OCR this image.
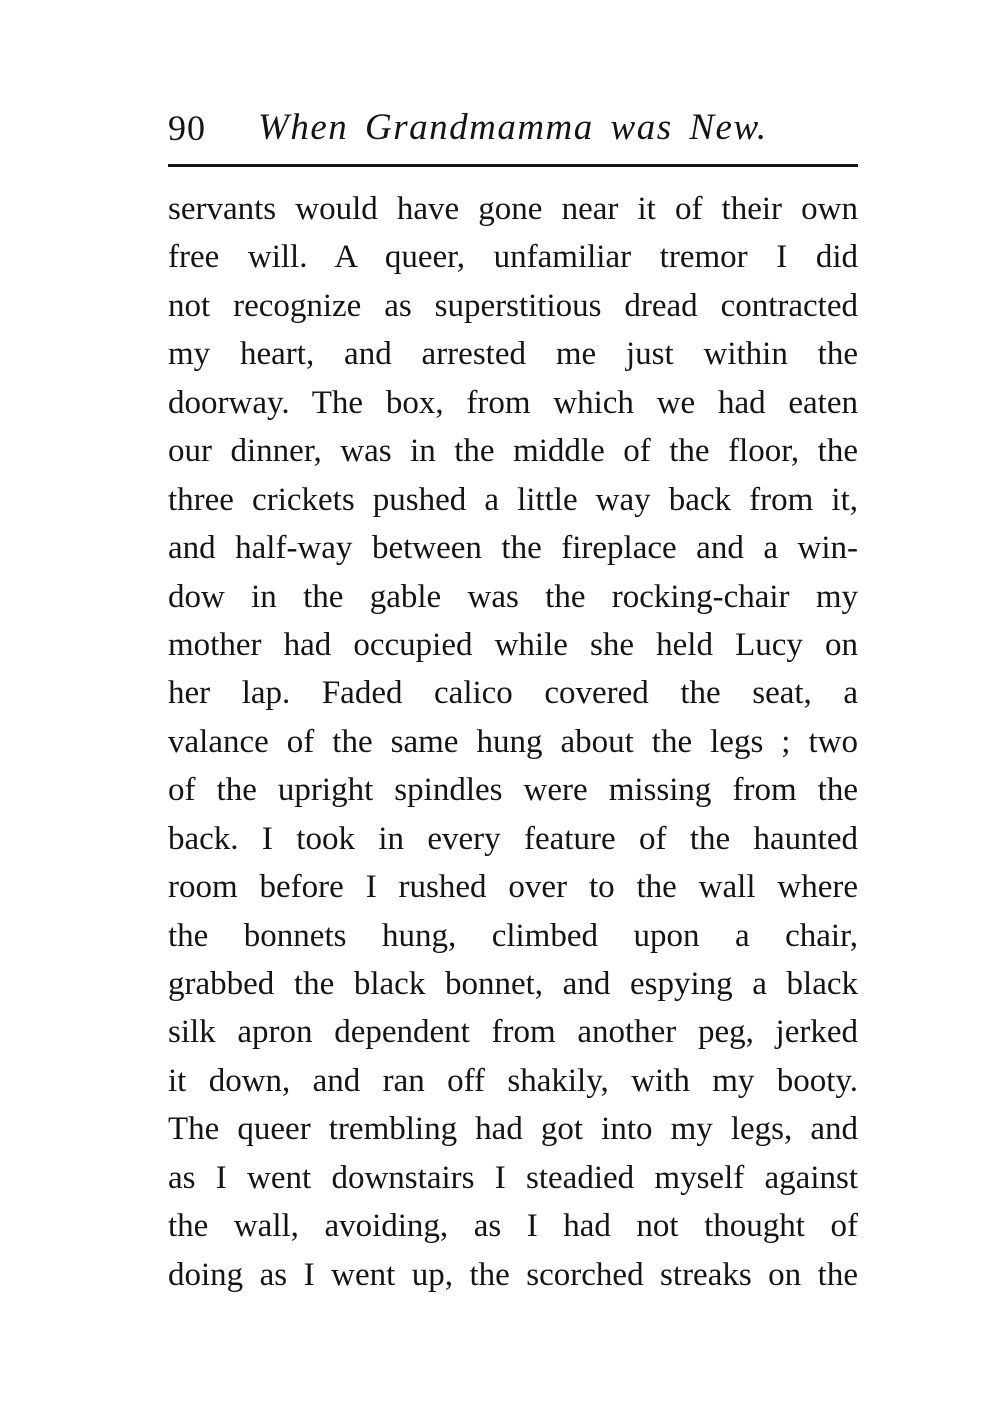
90 When Grandmamma was New.
servants would have gone near it of their own
free will. A queer, unfamiliar tremor I did
not recognize as superstitious dread contracted
my heart, and arrested me just within the
doorway. The box, from which we had eaten
our dinner, was in the middle of the floor, the
three crickets pushed a little way back from it,
and half-way between the fireplace and a win-
dow in the gable was the rocking-chair my
mother had occupied while she held Lucy on
her lap. Faded calico covered the seat, a
valance of the same hung about the legs ; two
of the upright spindles were missing from the
back. I took in every feature of the haunted
room before I rushed over to the wall where
the bonnets hung, climbed upon a chair,
grabbed the black bonnet, and espying a black
silk apron dependent from another peg, jerked
it down, and ran off shakily, with my booty.
The queer trembling had got into my legs, and
as I went downstairs I steadied myself against
the wall, avoiding, as I had not thought of
doing as I went up, the scorched streaks on the
